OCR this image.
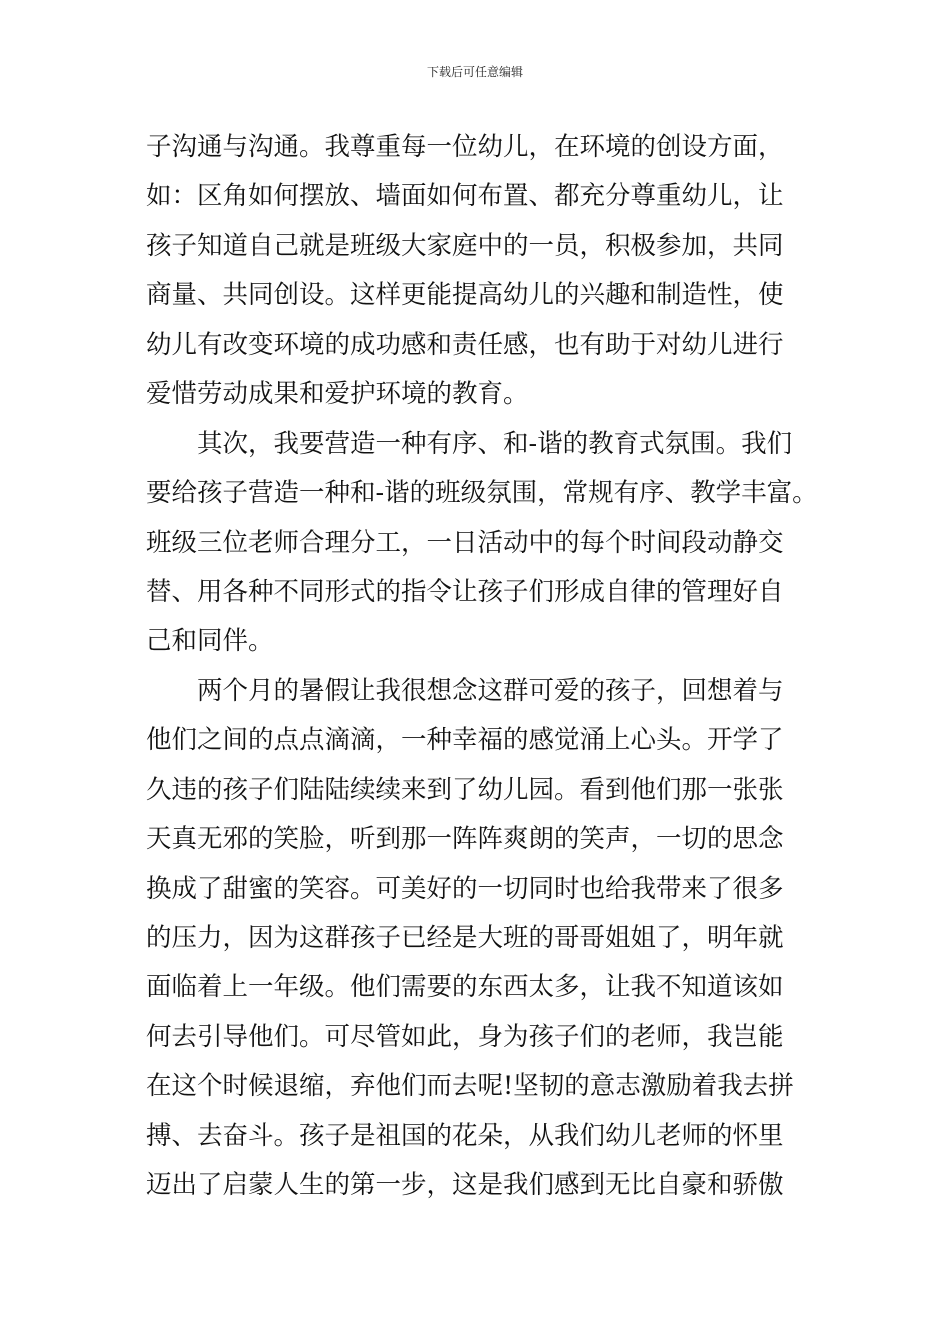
下载后可任意编辑
子沟通与沟通。我尊重每一位幼儿，在环境的创设方面，
如：区角如何摆放、墙面如何布置、都充分尊重幼儿，让
孩子知道自己就是班级大家庭中的一员，积极参加，共同
商量、共同创设。这样更能提高幼儿的兴趣和制造性，使
幼儿有改变环境的成功感和责任感，也有助于对幼儿进行
爱惜劳动成果和爱护环境的教育。
其次，我要营造一种有序、和-谐的教育式氛围。我们
要给孩子营造一种和-谐的班级氛围，常规有序、教学丰富。
班级三位老师合理分工，一日活动中的每个时间段动静交
替、用各种不同形式的指令让孩子们形成自律的管理好自
己和同伴。
两个月的暑假让我很想念这群可爱的孩子，回想着与
他们之间的点点滴滴，一种幸福的感觉涌上心头。开学了
久违的孩子们陆陆续续来到了幼儿园。看到他们那一张张
天真无邪的笑脸，听到那一阵阵爽朗的笑声，一切的思念
换成了甜蜜的笑容。可美好的一切同时也给我带来了很多
的压力，因为这群孩子已经是大班的哥哥姐姐了，明年就
面临着上一年级。他们需要的东西太多，让我不知道该如
何去引导他们。可尽管如此，身为孩子们的老师，我岂能
在这个时候退缩，弃他们而去呢!坚韧的意志激励着我去拼
搏、去奋斗。孩子是祖国的花朵，从我们幼儿老师的怀里
迈出了启蒙人生的第一步，这是我们感到无比自豪和骄傲
